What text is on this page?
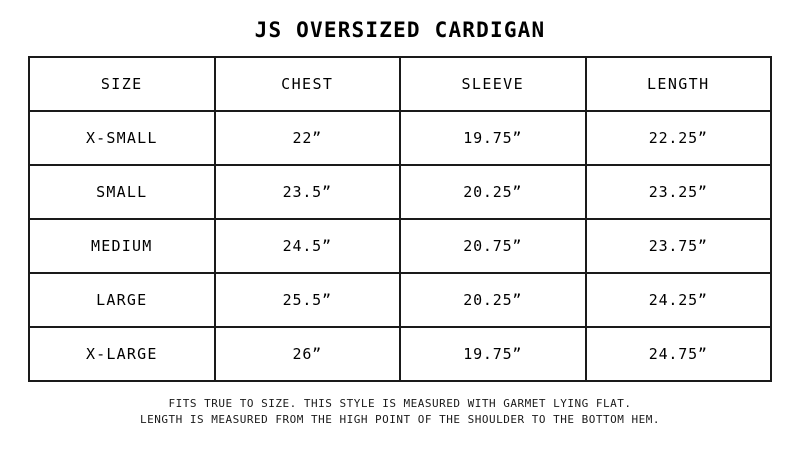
JS OVERSIZED CARDIGAN
SIZE	CHEST	SLEEVE	LENGTH
X-SMALL	22”	19.75”	22.25”
SMALL	23.5”	20.25”	23.25”
MEDIUM	24.5”	20.75”	23.75”
LARGE	25.5”	20.25”	24.25”
X-LARGE	26”	19.75”	24.75”
FITS TRUE TO SIZE. THIS STYLE IS MEASURED WITH GARMET LYING FLAT.
LENGTH IS MEASURED FROM THE HIGH POINT OF THE SHOULDER TO THE BOTTOM HEM.
